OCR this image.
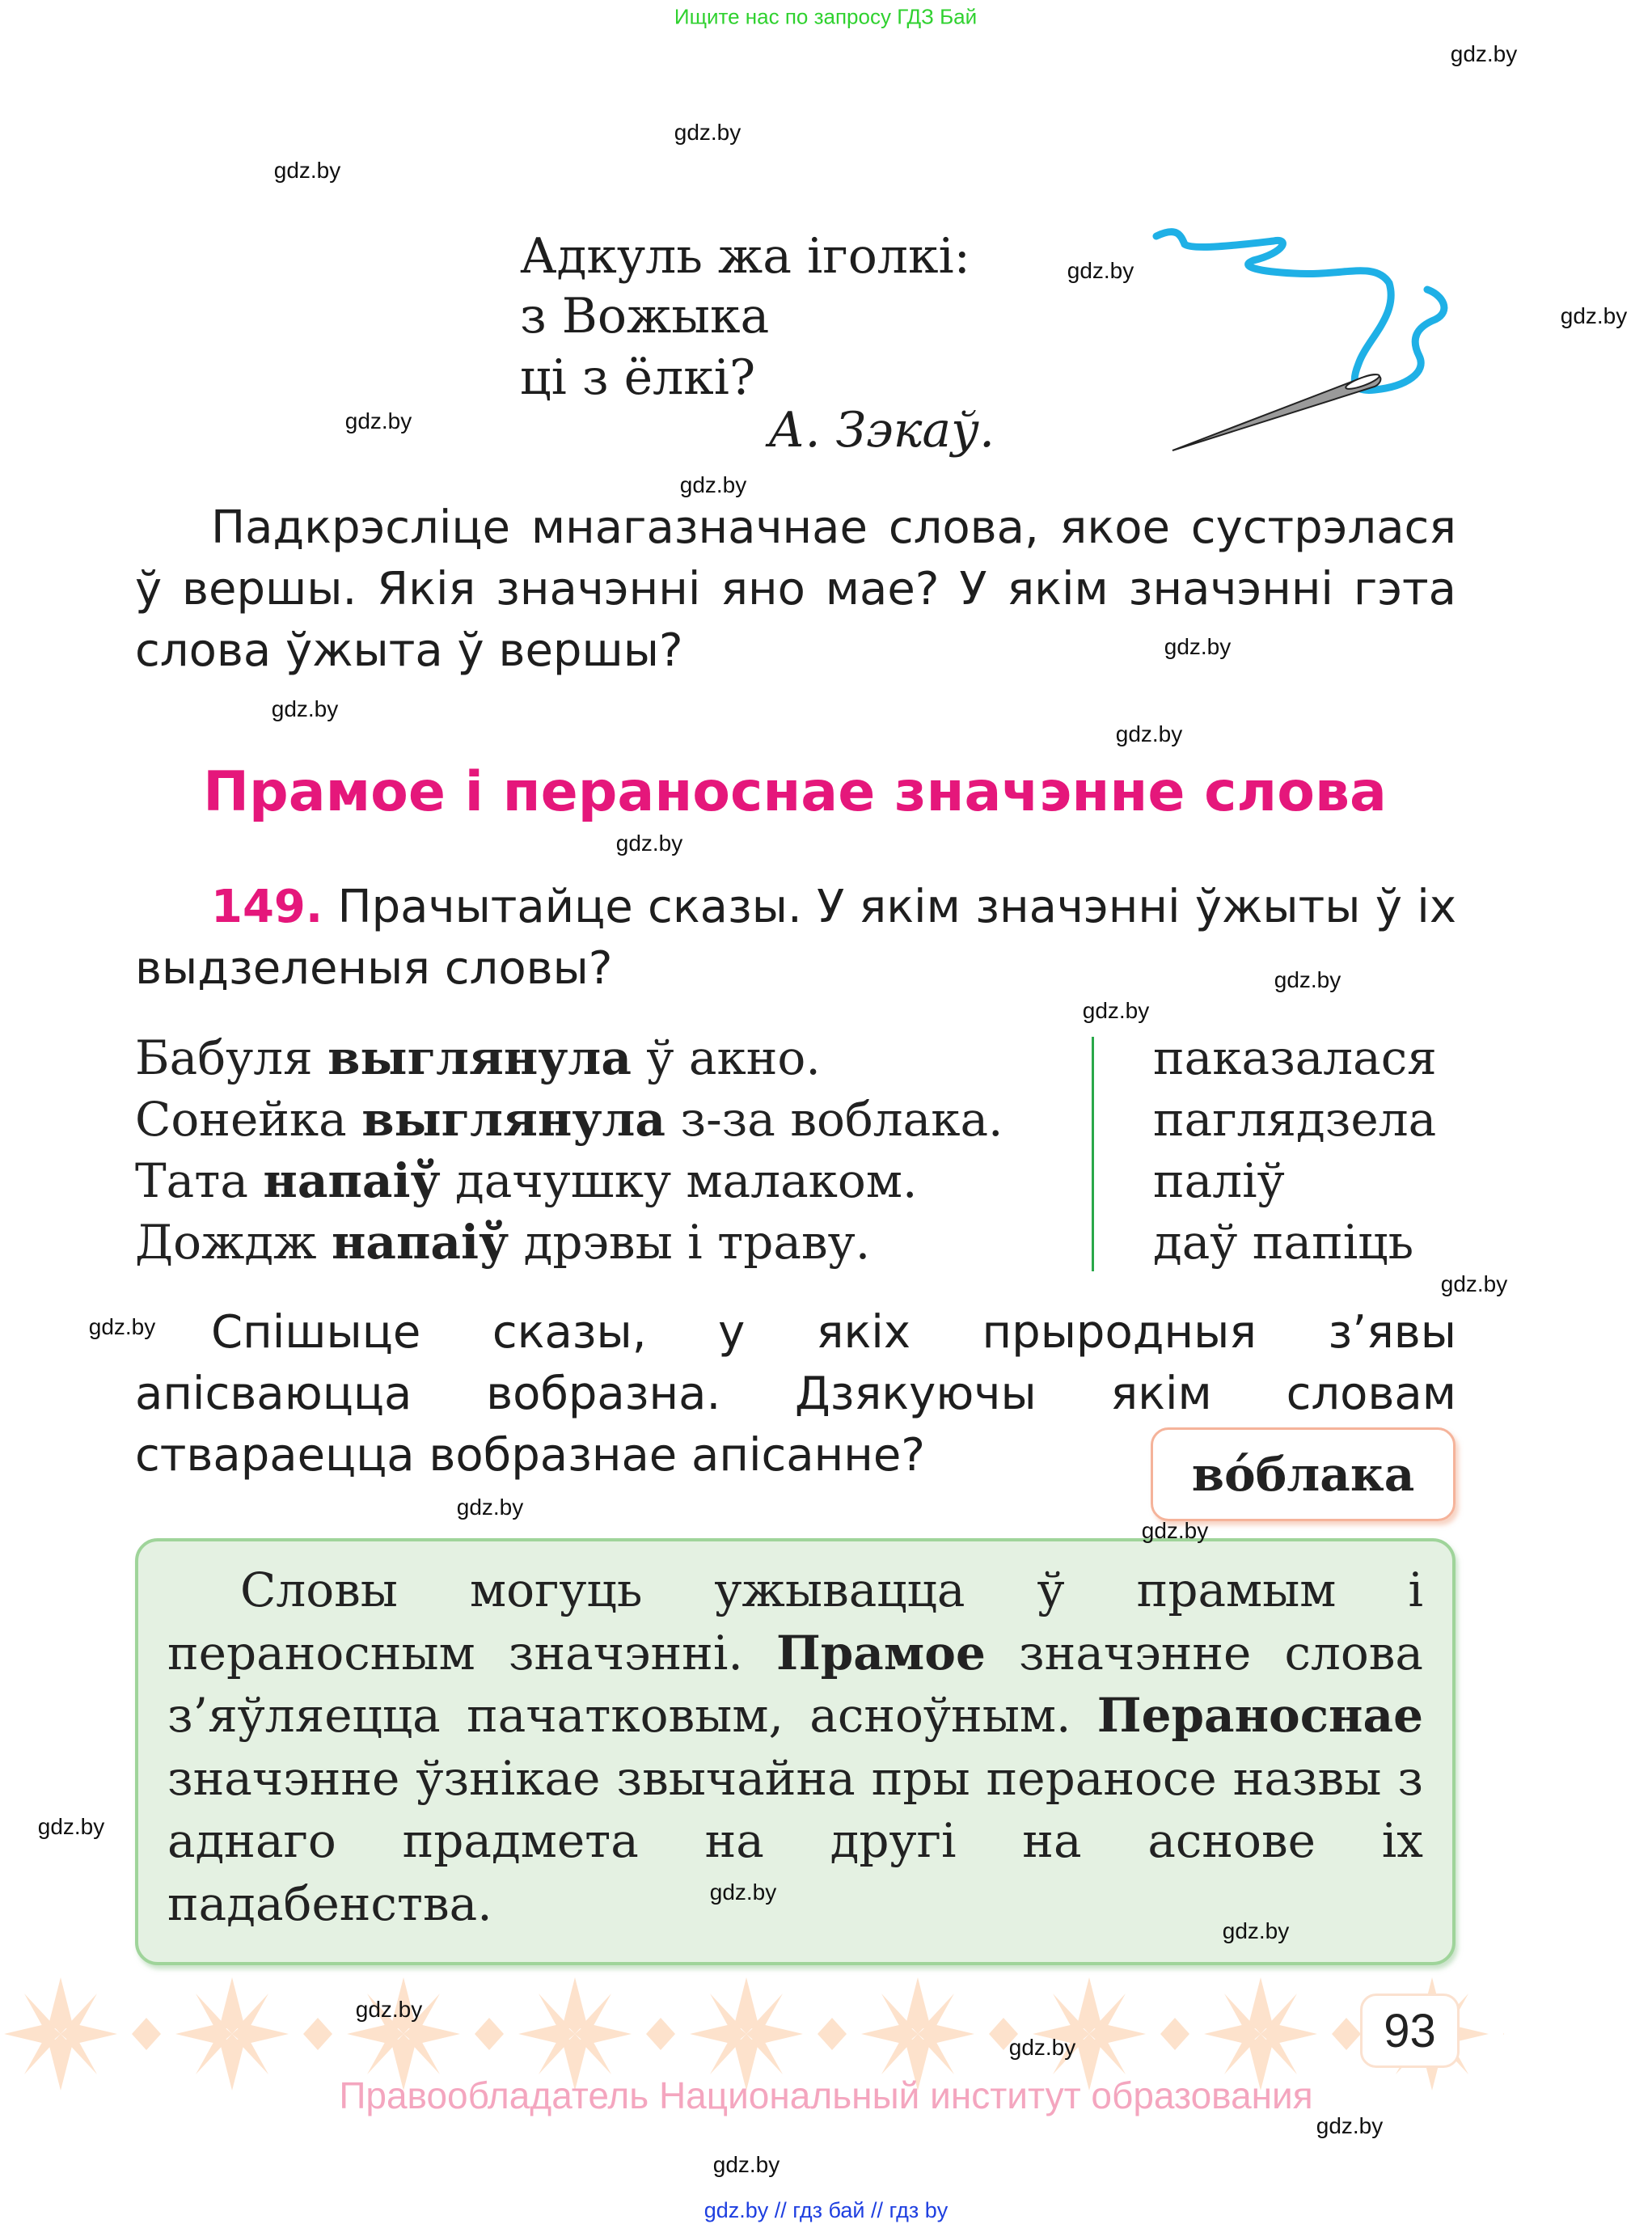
Ищите нас по запросу ГДЗ Бай
gdz.by
gdz.by
gdz.by
gdz.by
gdz.by
gdz.by
gdz.by
gdz.by
gdz.by
gdz.by
gdz.by
gdz.by
gdz.by
gdz.by
gdz.by
gdz.by
gdz.by
gdz.by
gdz.by
gdz.by
gdz.by
gdz.by
gdz.by
gdz.by
Адкуль жа іголкі:
з Вожыка
ці з ёлкі?
А. Зэкаў.
Падкрэсліце мнагазначнае слова, якое сустрэлася ў вершы. Якія значэнні яно мае? У якім значэнні гэта слова ўжыта ў вершы?
Прамое і пераноснае значэнне слова
149. Прачытайце сказы. У якім значэнні ўжыты ў іх выдзеленыя словы?
Бабуля выглянула ў акно.
Сонейка выглянула з-за воблака.
Тата напаіў дачушку малаком.
Дождж напаіў дрэвы і траву.
паказалася
паглядзела
паліў
даў папіць
Спішыце сказы, у якіх прыродныя з’явы апісваюцца вобразна. Дзякуючы якім словам ствараецца вобразнае апісанне?	во́блака
Словы могуць ужывацца ў прамым і пераносным значэнні. Прамое значэнне слова з’яўляецца пачатковым, асноўным. Пераноснае значэнне ўзнікае звычайна пры пераносе назвы з аднаго прадмета на другі на аснове іх падабенства.
93
Правообладатель Национальный институт образования
gdz.by // гдз бай // гдз by
